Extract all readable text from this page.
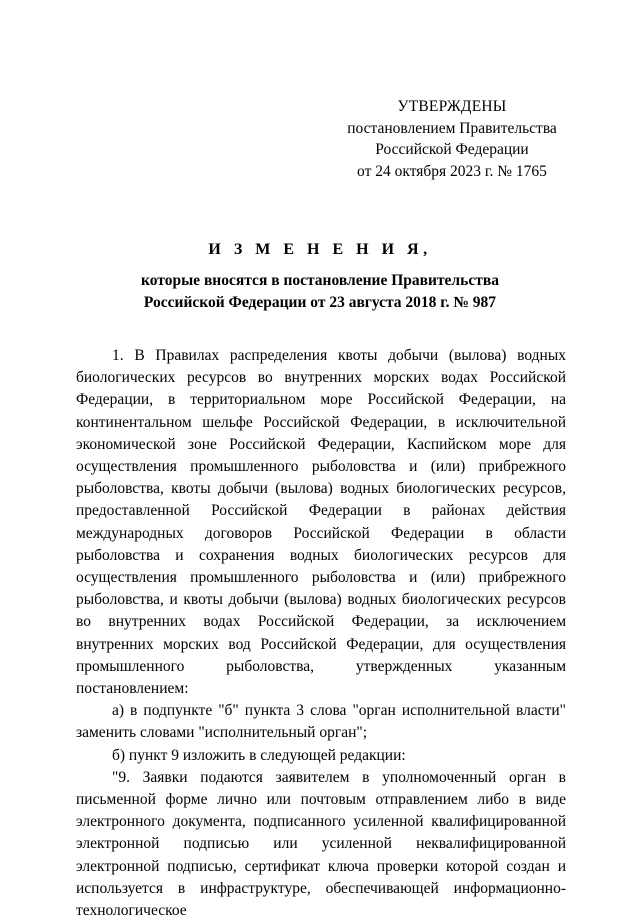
УТВЕРЖДЕНЫ
постановлением Правительства
Российской Федерации
от 24 октября 2023 г. № 1765
И З М Е Н Е Н И Я,
которые вносятся в постановление Правительства
Российской Федерации от 23 августа 2018 г. № 987

1. В Правилах распределения квоты добычи (вылова) водных биологических ресурсов во внутренних морских водах Российской Федерации, в территориальном море Российской Федерации, на континентальном шельфе Российской Федерации, в исключительной экономической зоне Российской Федерации, Каспийском море для осуществления промышленного рыболовства и (или) прибрежного рыболовства, квоты добычи (вылова) водных биологических ресурсов, предоставленной Российской Федерации в районах действия международных договоров Российской Федерации в области рыболовства и сохранения водных биологических ресурсов для осуществления промышленного рыболовства и (или) прибрежного рыболовства, и квоты добычи (вылова) водных биологических ресурсов во внутренних водах Российской Федерации, за исключением внутренних морских вод Российской Федерации, для осуществления промышленного рыболовства, утвержденных указанным постановлением:

а) в подпункте "б" пункта 3 слова "орган исполнительной власти" заменить словами "исполнительный орган";

б) пункт 9 изложить в следующей редакции:

"9. Заявки подаются заявителем в уполномоченный орган в письменной форме лично или почтовым отправлением либо в виде электронного документа, подписанного усиленной квалифицированной электронной подписью или усиленной неквалифицированной электронной подписью, сертификат ключа проверки которой создан и используется в инфраструктуре, обеспечивающей информационно-технологическое
